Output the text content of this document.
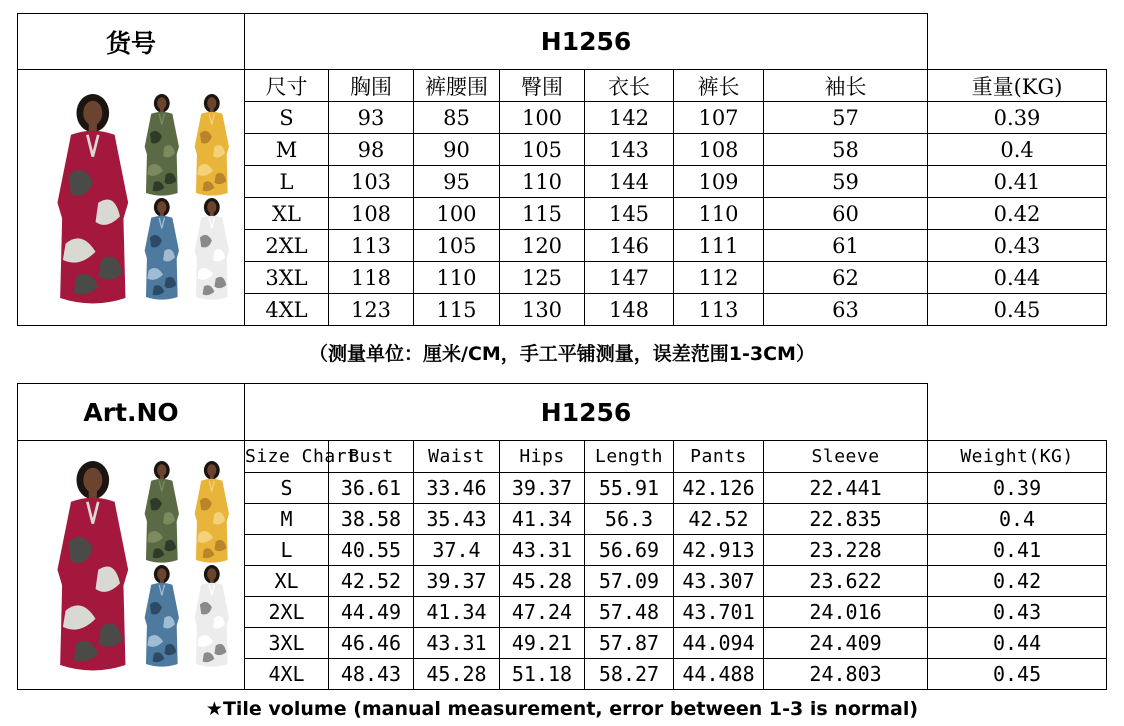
货号	H1256							

	尺寸	胸围	裤腰围	臀围	衣长	裤长	袖长	重量(KG)
	S	93	85	100	142	107	57	0.39
	M	98	90	105	143	108	58	0.4
	L	103	95	110	144	109	59	0.41
	XL	108	100	115	145	110	60	0.42
	2XL	113	105	120	146	111	61	0.43
	3XL	118	110	125	147	112	62	0.44
	4XL	123	115	130	148	113	63	0.45
（测量单位：厘米/CM，手工平铺测量，误差范围1-3CM）
Art.NO	H1256							

	Size Chart	Bust	Waist	Hips	Length	Pants	Sleeve	Weight(KG)
	S	36.61	33.46	39.37	55.91	42.126	22.441	0.39
	M	38.58	35.43	41.34	56.3	42.52	22.835	0.4
	L	40.55	37.4	43.31	56.69	42.913	23.228	0.41
	XL	42.52	39.37	45.28	57.09	43.307	23.622	0.42
	2XL	44.49	41.34	47.24	57.48	43.701	24.016	0.43
	3XL	46.46	43.31	49.21	57.87	44.094	24.409	0.44
	4XL	48.43	45.28	51.18	58.27	44.488	24.803	0.45
★Tile volume (manual measurement, error between 1-3 is normal)
